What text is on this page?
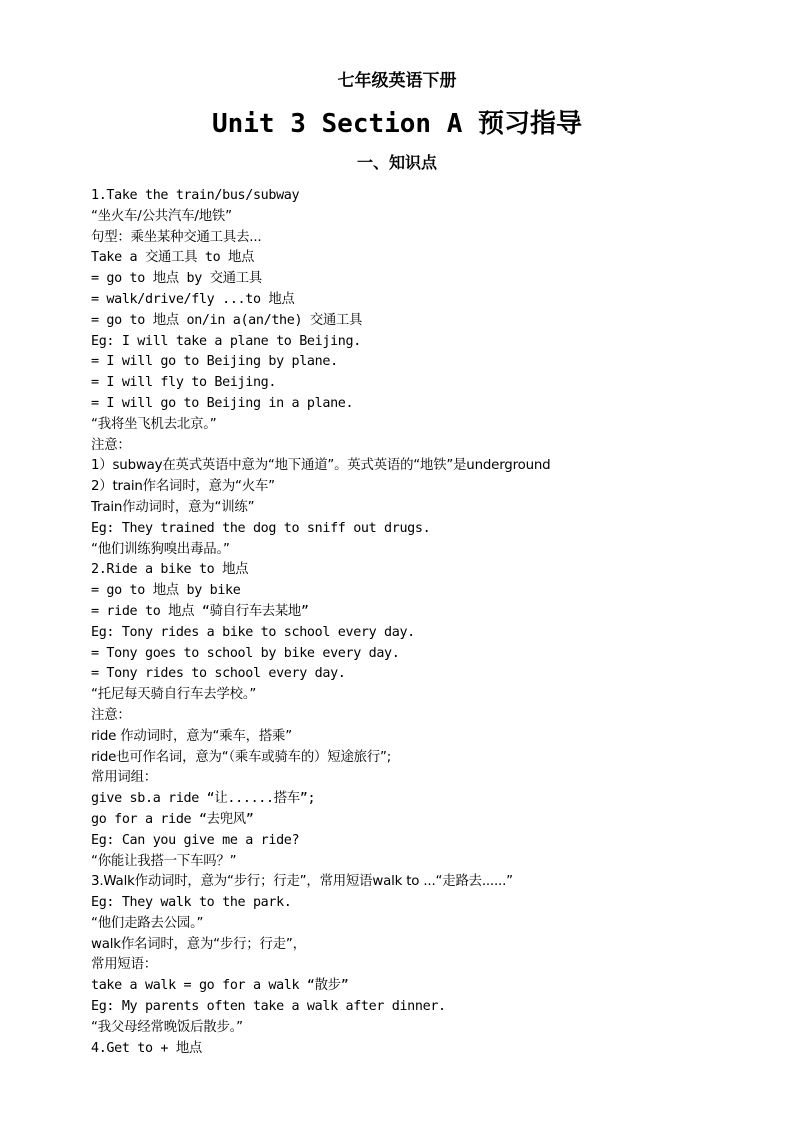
七年级英语下册
Unit 3 Section A 预习指导
一、知识点
1.Take the train/bus/subway
“坐火车/公共汽车/地铁”
句型：乘坐某种交通工具去...
Take a 交通工具 to 地点
= go to 地点 by 交通工具
= walk/drive/fly ...to 地点
= go to 地点 on/in a(an/the) 交通工具
Eg: I will take a plane to Beijing.
= I will go to Beijing by plane.
= I will fly to Beijing.
= I will go to Beijing in a plane.
“我将坐飞机去北京。”
注意：
1）subway在英式英语中意为“地下通道”。英式英语的“地铁”是underground
2）train作名词时，意为“火车”
Train作动词时，意为“训练”
Eg: They trained the dog to sniff out drugs.
“他们训练狗嗅出毒品。”
2.Ride a bike to 地点
= go to 地点 by bike
= ride to 地点 “骑自行车去某地”
Eg: Tony rides a bike to school every day.
= Tony goes to school by bike every day.
= Tony rides to school every day.
“托尼每天骑自行车去学校。”
注意：
ride 作动词时，意为“乘车，搭乘”
ride也可作名词，意为“（乘车或骑车的）短途旅行”;
常用词组：
give sb.a ride “让......搭车”;
go for a ride “去兜风”
Eg: Can you give me a ride?
“你能让我搭一下车吗？”
3.Walk作动词时，意为“步行；行走”，常用短语walk to ...“走路去......”
Eg: They walk to the park.
“他们走路去公园。”
walk作名词时，意为“步行；行走”，
常用短语：
take a walk = go for a walk “散步”
Eg: My parents often take a walk after dinner.
“我父母经常晚饭后散步。”
4.Get to + 地点
